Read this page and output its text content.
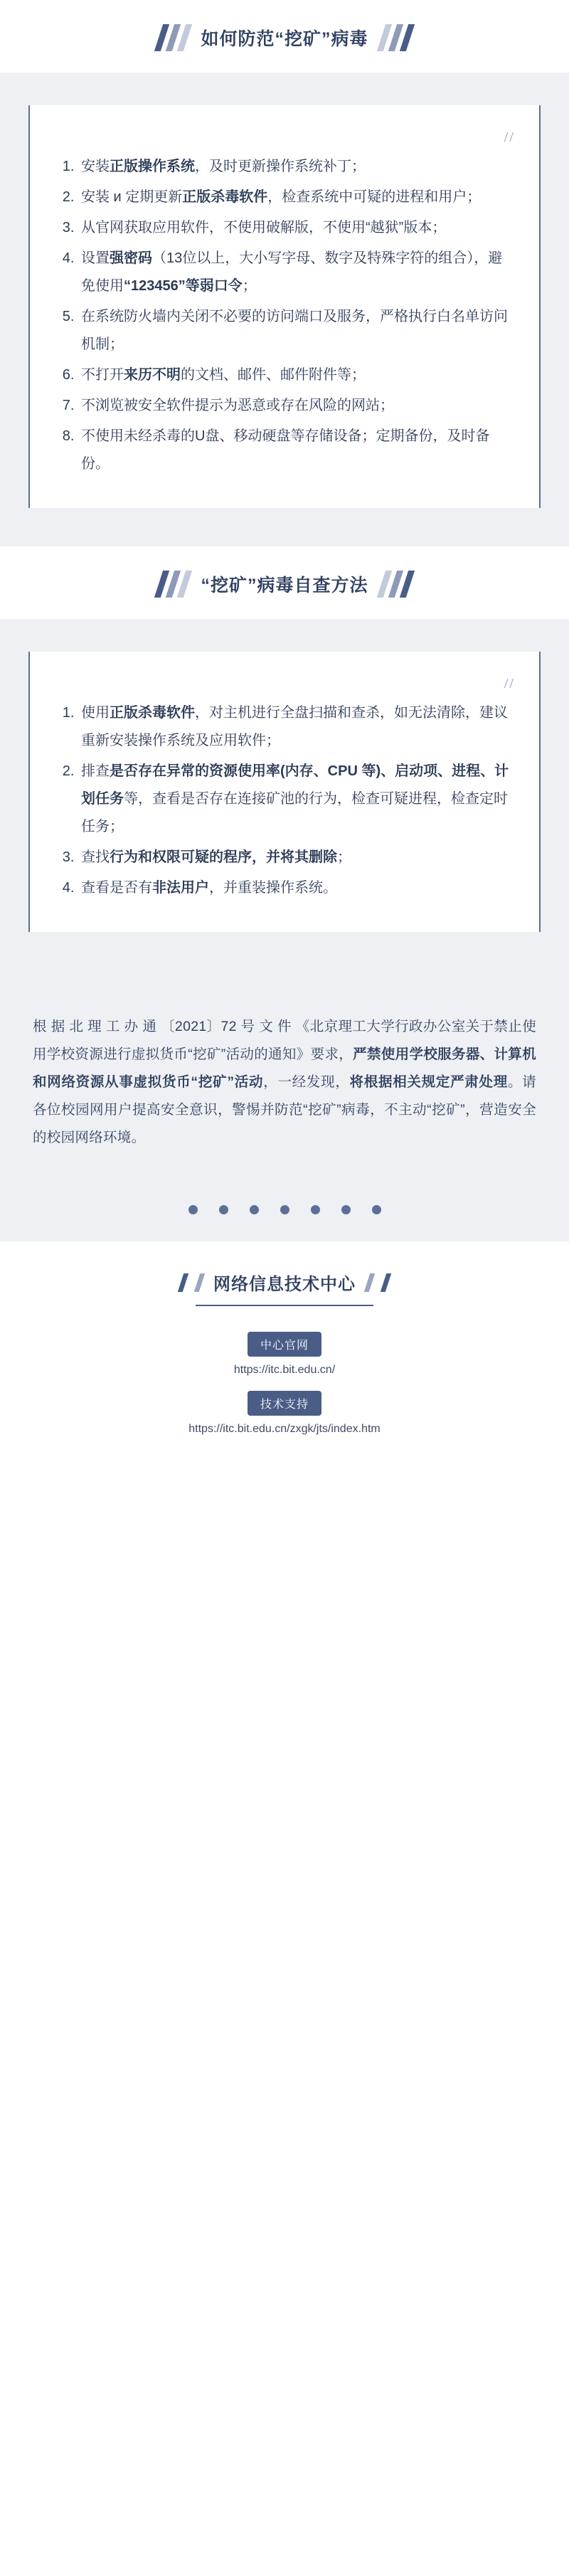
如何防范“挖矿”病毒
//
1. 安装正版操作系统，及时更新操作系统补丁；
2. 安装 и 定期更新正版杀毒软件，检查系统中可疑的进程和用户；
3. 从官网获取应用软件，不使用破解版，不使用“越狱”版本；
4. 设置强密码（13位以上，大小写字母、数字及特殊字符的组合），避免使用“123456”等弱口令；
5. 在系统防火墙内关闭不必要的访问端口及服务，严格执行白名单访问机制；
6. 不打开来历不明的文档、邮件、邮件附件等；
7. 不浏览被安全软件提示为恶意或存在风险的网站；
8. 不使用未经杀毒的U盘、移动硬盘等存储设备；定期备份，及时备份。
“挖矿”病毒自查方法
//
1. 使用正版杀毒软件，对主机进行全盘扫描和查杀，如无法清除，建议重新安装操作系统及应用软件；
2. 排查是否存在异常的资源使用率(内存、CPU 等)、启动项、进程、计划任务等，查看是否存在连接矿池的行为，检查可疑进程，检查定时任务；
3. 查找行为和权限可疑的程序，并将其删除；
4. 查看是否有非法用户，并重装操作系统。

根 据 北 理 工 办 通 〔2021〕72 号 文 件 《北京理工大学行政办公室关于禁止使用学校资源进行虚拟货币“挖矿”活动的通知》要求，严禁使用学校服务器、计算机和网络资源从事虚拟货币“挖矿”活动，一经发现，将根据相关规定严肃处理。请各位校园网用户提高安全意识，警惕并防范“挖矿”病毒，不主动“挖矿”，营造安全的校园网络环境。

网络信息技术中心
中心官网
https://itc.bit.edu.cn/
技术支持
https://itc.bit.edu.cn/zxgk/jts/index.htm
